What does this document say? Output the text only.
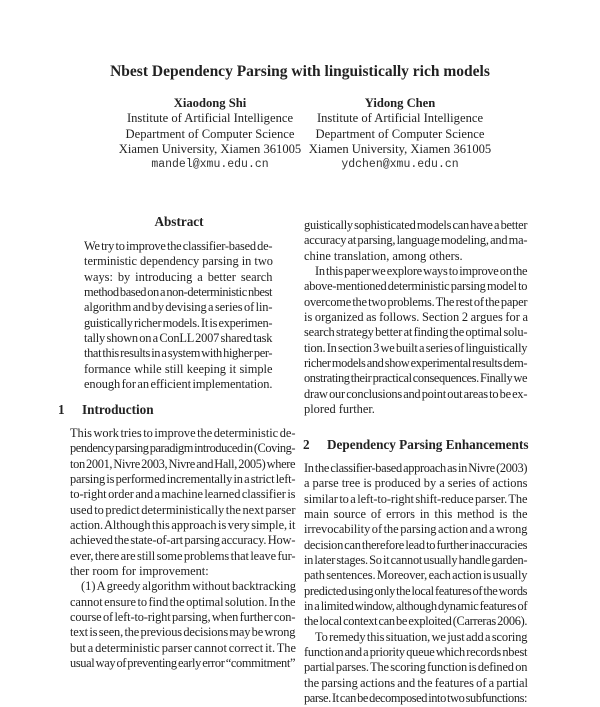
Nbest Dependency Parsing with linguistically rich models
Xiaodong Shi
Institute of Artificial Intelligence
Department of Computer Science
Xiamen University, Xiamen 361005
mandel@xmu.edu.cn
Yidong Chen
Institute of Artificial Intelligence
Department of Computer Science
Xiamen University, Xiamen 361005
ydchen@xmu.edu.cn
Abstract
We try to improve the classifier-based de-
terministic dependency parsing in two
ways: by introducing a better search
method based on a non-deterministic nbest
algorithm and by devising a series of lin-
guistically richer models. It is experimen-
tally shown on a ConLL 2007 shared task
that this results in a system with higher per-
formance while still keeping it simple
enough for an efficient implementation.
1 Introduction
This work tries to improve the deterministic de-
pendency parsing paradigm introduced in (Coving-
ton 2001, Nivre 2003, Nivre and Hall, 2005) where
parsing is performed incrementally in a strict left-
to-right order and a machine learned classifier is
used to predict deterministically the next parser
action. Although this approach is very simple, it
achieved the state-of-art parsing accuracy. How-
ever, there are still some problems that leave fur-
ther room for improvement:
(1) A greedy algorithm without backtracking
cannot ensure to find the optimal solution. In the
course of left-to-right parsing, when further con-
text is seen, the previous decisions may be wrong
but a deterministic parser cannot correct it. The
usual way of preventing early error “commitment”
guistically sophisticated models can have a better
accuracy at parsing, language modeling, and ma-
chine translation, among others.
In this paper we explore ways to improve on the
above-mentioned deterministic parsing model to
overcome the two problems. The rest of the paper
is organized as follows. Section 2 argues for a
search strategy better at finding the optimal solu-
tion. In section 3 we built a series of linguistically
richer models and show experimental results dem-
onstrating their practical consequences. Finally we
draw our conclusions and point out areas to be ex-
plored further.
2 Dependency Parsing Enhancements
In the classifier-based approach as in Nivre (2003)
a parse tree is produced by a series of actions
similar to a left-to-right shift-reduce parser. The
main source of errors in this method is the
irrevocability of the parsing action and a wrong
decision can therefore lead to further inaccuracies
in later stages. So it cannot usually handle garden-
path sentences. Moreover, each action is usually
predicted using only the local features of the words
in a limited window, although dynamic features of
the local context can be exploited (Carreras 2006).
To remedy this situation, we just add a scoring
function and a priority queue which records nbest
partial parses. The scoring function is defined on
the parsing actions and the features of a partial
parse. It can be decomposed into two subfunctions:
